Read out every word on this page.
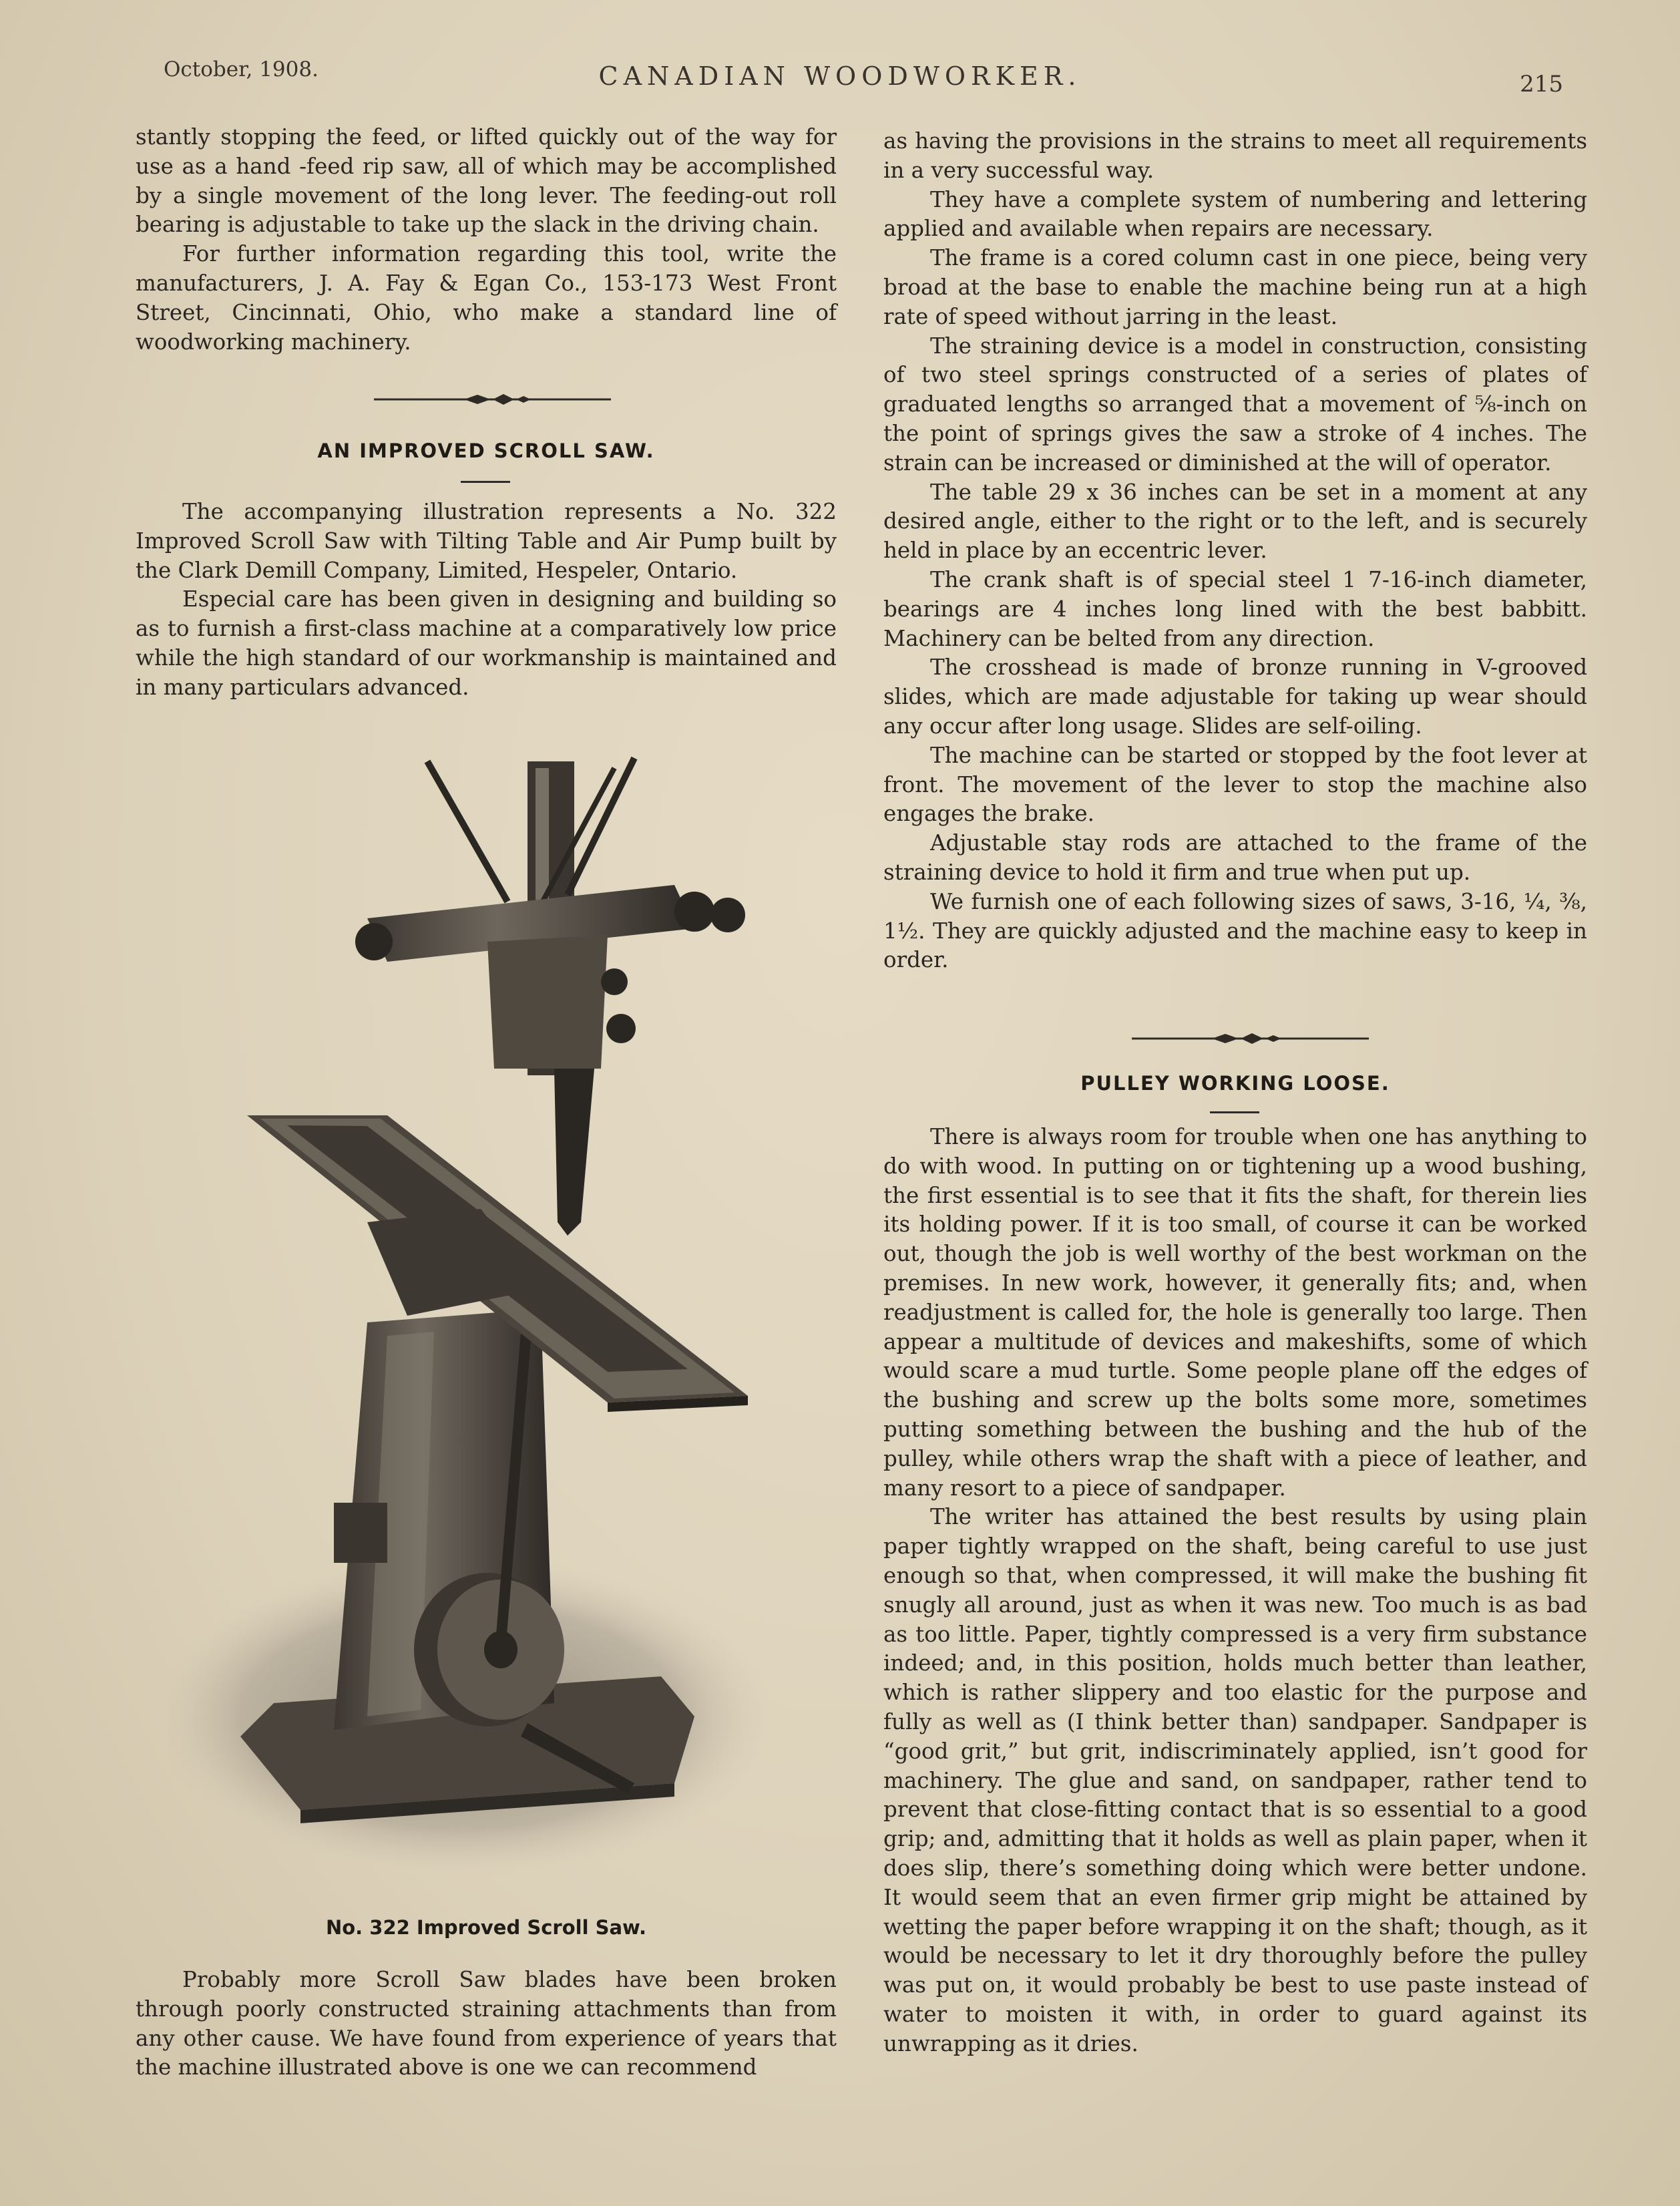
October, 1908.	CANADIAN WOODWORKER.	215

stantly stopping the feed, or lifted quickly out of the way for use as a hand -feed rip saw, all of which may be accomplished by a single movement of the long lever. The feeding-out roll bearing is adjustable to take up the slack in the driving chain.

For further information regarding this tool, write the manufacturers, J. A. Fay & Egan Co., 153-173 West Front Street, Cincinnati, Ohio, who make a standard line of woodworking machinery.

AN IMPROVED SCROLL SAW.

The accompanying illustration represents a No. 322 Improved Scroll Saw with Tilting Table and Air Pump built by the Clark Demill Company, Limited, Hespeler, Ontario.

Especial care has been given in designing and building so as to furnish a first-class machine at a comparatively low price while the high standard of our workmanship is maintained and in many particulars advanced.

No. 322 Improved Scroll Saw.

Probably more Scroll Saw blades have been broken through poorly constructed straining attachments than from any other cause. We have found from experience of years that the machine illustrated above is one we can recommend

as having the provisions in the strains to meet all requirements in a very successful way.

They have a complete system of numbering and lettering applied and available when repairs are necessary.

The frame is a cored column cast in one piece, being very broad at the base to enable the machine being run at a high rate of speed without jarring in the least.

The straining device is a model in construction, consisting of two steel springs constructed of a series of plates of graduated lengths so arranged that a movement of ⅝-inch on the point of springs gives the saw a stroke of 4 inches. The strain can be increased or diminished at the will of operator.

The table 29 x 36 inches can be set in a moment at any desired angle, either to the right or to the left, and is securely held in place by an eccentric lever.

The crank shaft is of special steel 1 7-16-inch diameter, bearings are 4 inches long lined with the best babbitt. Machinery can be belted from any direction.

The crosshead is made of bronze running in V-grooved slides, which are made adjustable for taking up wear should any occur after long usage. Slides are self-oiling.

The machine can be started or stopped by the foot lever at front. The movement of the lever to stop the machine also engages the brake.

Adjustable stay rods are attached to the frame of the straining device to hold it firm and true when put up.

We furnish one of each following sizes of saws, 3-16, ¼, ⅜, 1½. They are quickly adjusted and the machine easy to keep in order.

PULLEY WORKING LOOSE.

There is always room for trouble when one has anything to do with wood. In putting on or tightening up a wood bushing, the first essential is to see that it fits the shaft, for therein lies its holding power. If it is too small, of course it can be worked out, though the job is well worthy of the best workman on the premises. In new work, however, it generally fits; and, when readjustment is called for, the hole is generally too large. Then appear a multitude of devices and makeshifts, some of which would scare a mud turtle. Some people plane off the edges of the bushing and screw up the bolts some more, sometimes putting something between the bushing and the hub of the pulley, while others wrap the shaft with a piece of leather, and many resort to a piece of sandpaper.

The writer has attained the best results by using plain paper tightly wrapped on the shaft, being careful to use just enough so that, when compressed, it will make the bushing fit snugly all around, just as when it was new. Too much is as bad as too little. Paper, tightly compressed is a very firm substance indeed; and, in this position, holds much better than leather, which is rather slippery and too elastic for the purpose and fully as well as (I think better than) sandpaper. Sandpaper is “good grit,” but grit, indiscriminately applied, isn’t good for machinery. The glue and sand, on sandpaper, rather tend to prevent that close-fitting contact that is so essential to a good grip; and, admitting that it holds as well as plain paper, when it does slip, there’s something doing which were better undone. It would seem that an even firmer grip might be attained by wetting the paper before wrapping it on the shaft; though, as it would be necessary to let it dry thoroughly before the pulley was put on, it would probably be best to use paste instead of water to moisten it with, in order to guard against its unwrapping as it dries.
